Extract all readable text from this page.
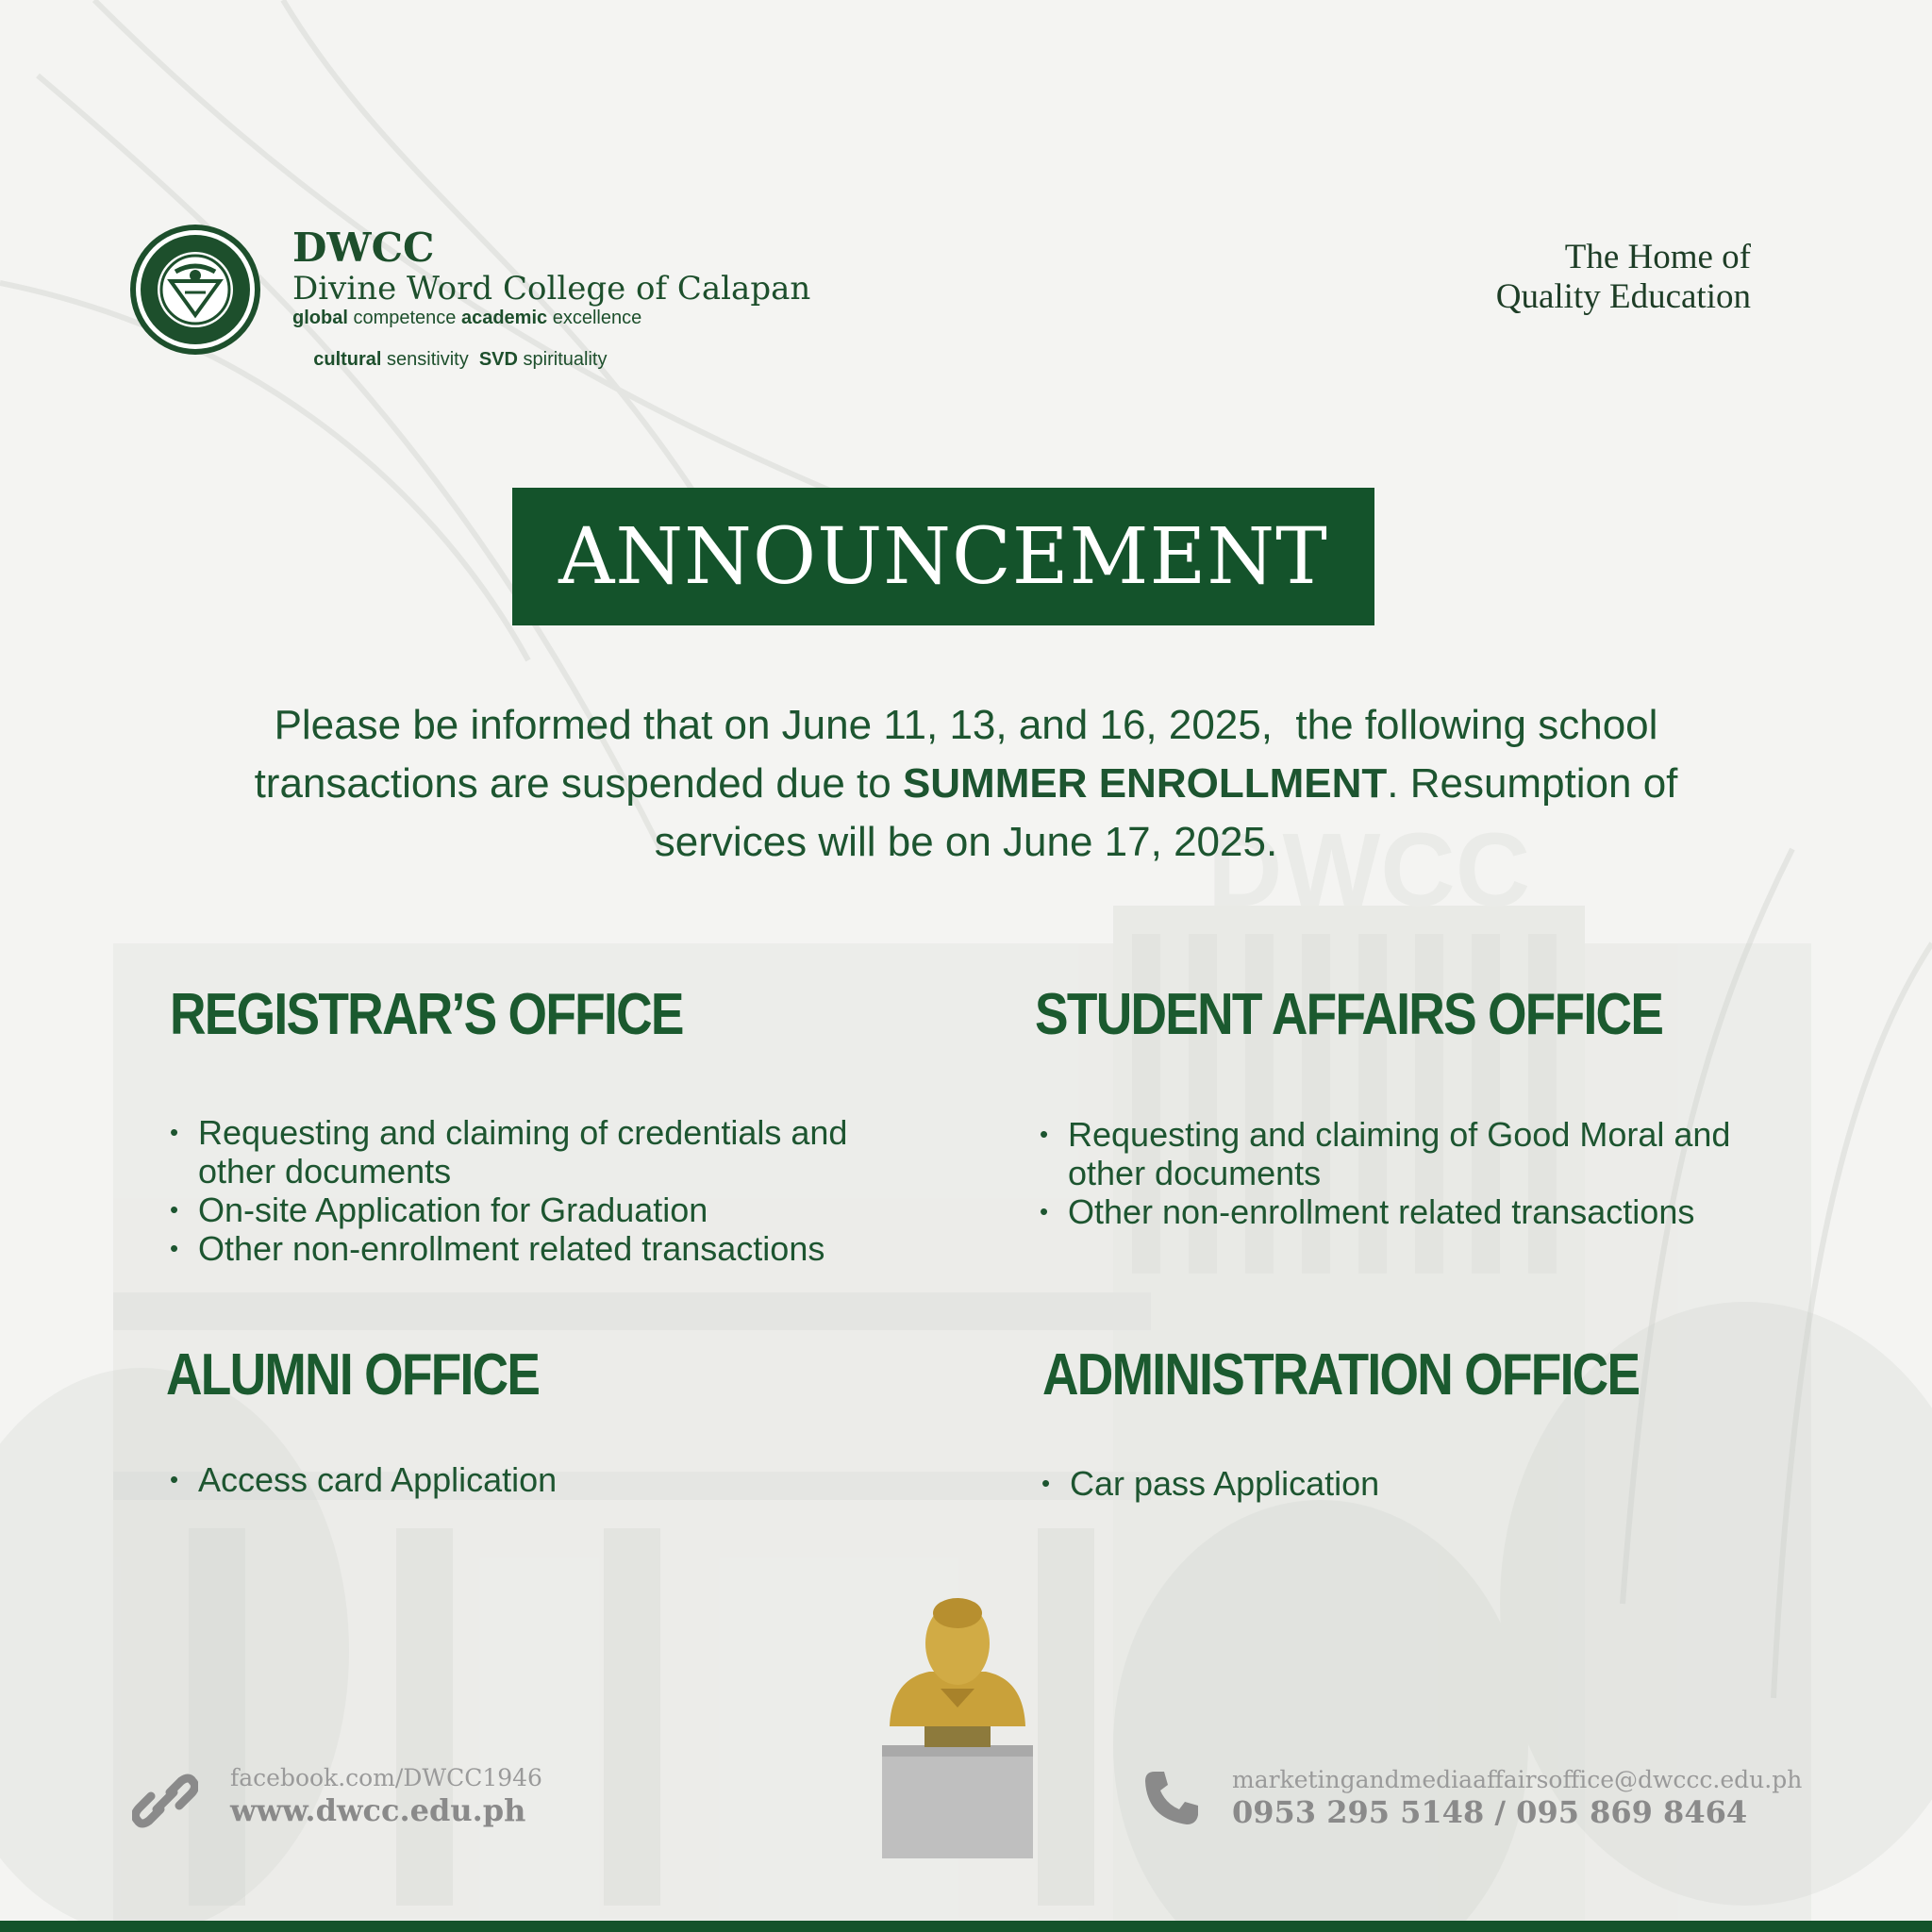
DWCC
DWCC
Divine Word College of Calapan
global competence academic excellence

cultural sensitivity  SVD spirituality

The Home of
Quality Education
ANNOUNCEMENT
Please be informed that on June 11, 13, and 16, 2025,  the following school
transactions are suspended due to SUMMER ENROLLMENT. Resumption of
services will be on June 17, 2025.
REGISTRAR’S OFFICE
• Requesting and claiming of credentials and
other documents
• On-site Application for Graduation
• Other non-enrollment related transactions
STUDENT AFFAIRS OFFICE
• Requesting and claiming of Good Moral and
other documents
• Other non-enrollment related transactions
ALUMNI OFFICE
• Access card Application
ADMINISTRATION OFFICE
• Car pass Application
facebook.com/DWCC1946
www.dwcc.edu.ph
marketingandmediaaffairsoffice@dwccc.edu.ph
0953 295 5148 / 095 869 8464
